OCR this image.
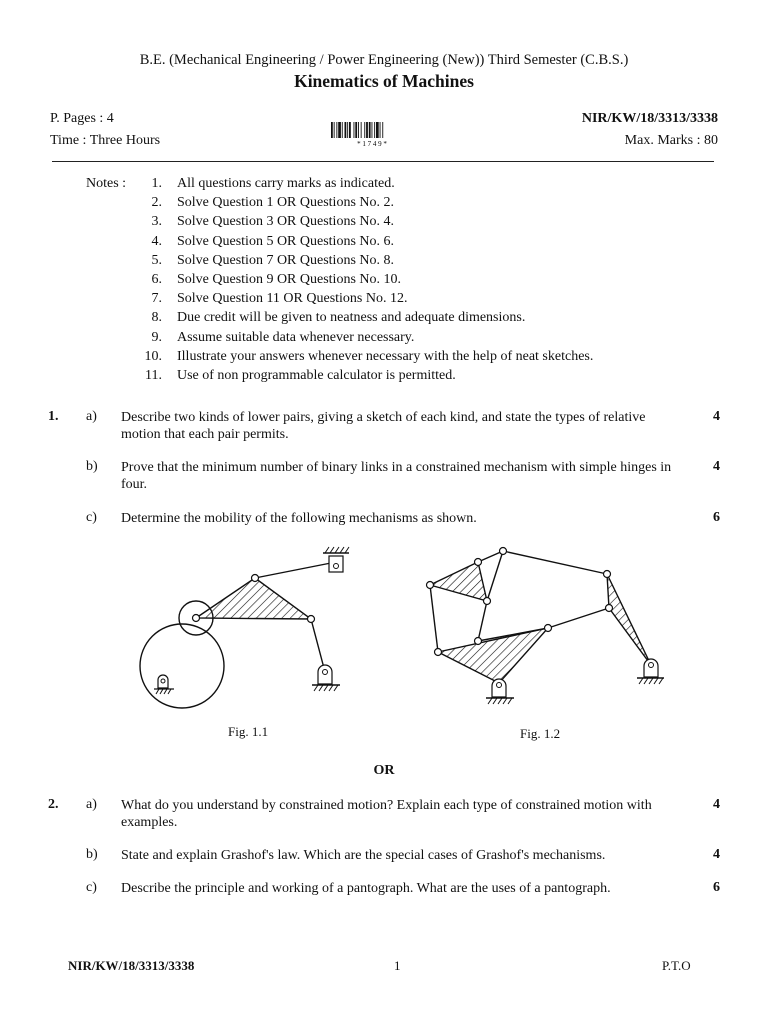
B.E. (Mechanical Engineering / Power Engineering (New)) Third Semester (C.B.S.)
Kinematics of Machines
P. Pages : 4	NIR/KW/18/3313/3338
Time : Three Hours	Max. Marks : 80
* 1 7 4 9 *
Notes :	1. All questions carry marks as indicated.
2. Solve Question 1 OR Questions No. 2.
3. Solve Question 3 OR Questions No. 4.
4. Solve Question 5 OR Questions No. 6.
5. Solve Question 7 OR Questions No. 8.
6. Solve Question 9 OR Questions No. 10.
7. Solve Question 11 OR Questions No. 12.
8. Due credit will be given to neatness and adequate dimensions.
9. Assume suitable data whenever necessary.
10. Illustrate your answers whenever necessary with the help of neat sketches.
11. Use of non programmable calculator is permitted.
1. a) Describe two kinds of lower pairs, giving a sketch of each kind, and state the types of relative motion that each pair permits.
4
b) Prove that the minimum number of binary links in a constrained mechanism with simple hinges in four.
4
c) Determine the mobility of the following mechanisms as shown.	6
Fig. 1.1	Fig. 1.2
OR
2. a) What do you understand by constrained motion? Explain each type of constrained motion with examples.
4
b) State and explain Grashof's law. Which are the special cases of Grashof's mechanisms.	4
c) Describe the principle and working of a pantograph. What are the uses of a pantograph.	6
NIR/KW/18/3313/3338	1	P.T.O
